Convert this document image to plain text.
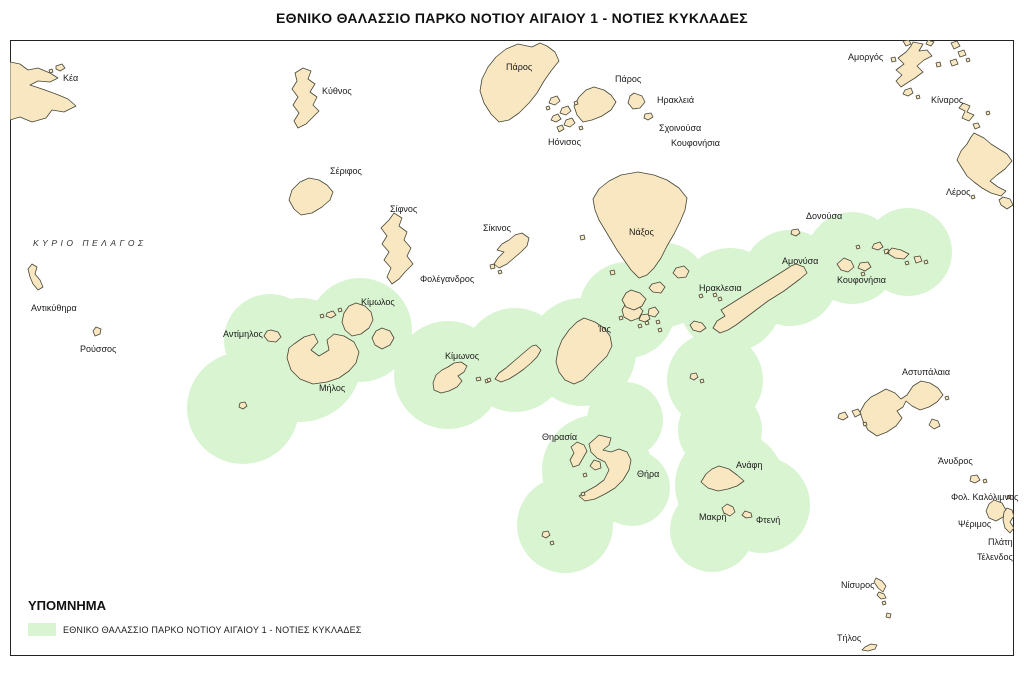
ΕΘΝΙΚΟ ΘΑΛΑΣΣΙΟ ΠΑΡΚΟ ΝΟΤΙΟΥ ΑΙΓΑΙΟΥ 1 - ΝΟΤΙΕΣ ΚΥΚΛΑΔΕΣ
Κέα
Κύθνος
Σέριφος
Σίφνος
Σίκινος
Φολέγανδρος
Πάρος
Πάρος
Ηόνισος
Ηρακλειά
Σχοινούσα
Κουφονήσια
Νάξος
Δονούσα
Αμονύσα
Ηρακλεσια
Κουφονήσια
Αμοργός
Κίναρος
Λέρος
Αντικύθηρα
Ρούσσος
Αντίμηλος
Κίμωλος
Μήλος
Κίμωνος
Ίος
Θηρασία
Θήρα
Ανάφη
Μακρή	Φτενή
Αστυπάλαια
Άνυδρος
Φολ. Καλόλιμνος
Ψέριμος
Πλάτη
Τέλενδος
Νίσυρος
Τήλος
ΚΥΡΙΟ ΠΕΛΑΓΟΣ
ΥΠΟΜΝΗΜΑ
ΕΘΝΙΚΟ ΘΑΛΑΣΣΙΟ ΠΑΡΚΟ ΝΟΤΙΟΥ ΑΙΓΑΙΟΥ 1 - ΝΟΤΙΕΣ ΚΥΚΛΑΔΕΣ
